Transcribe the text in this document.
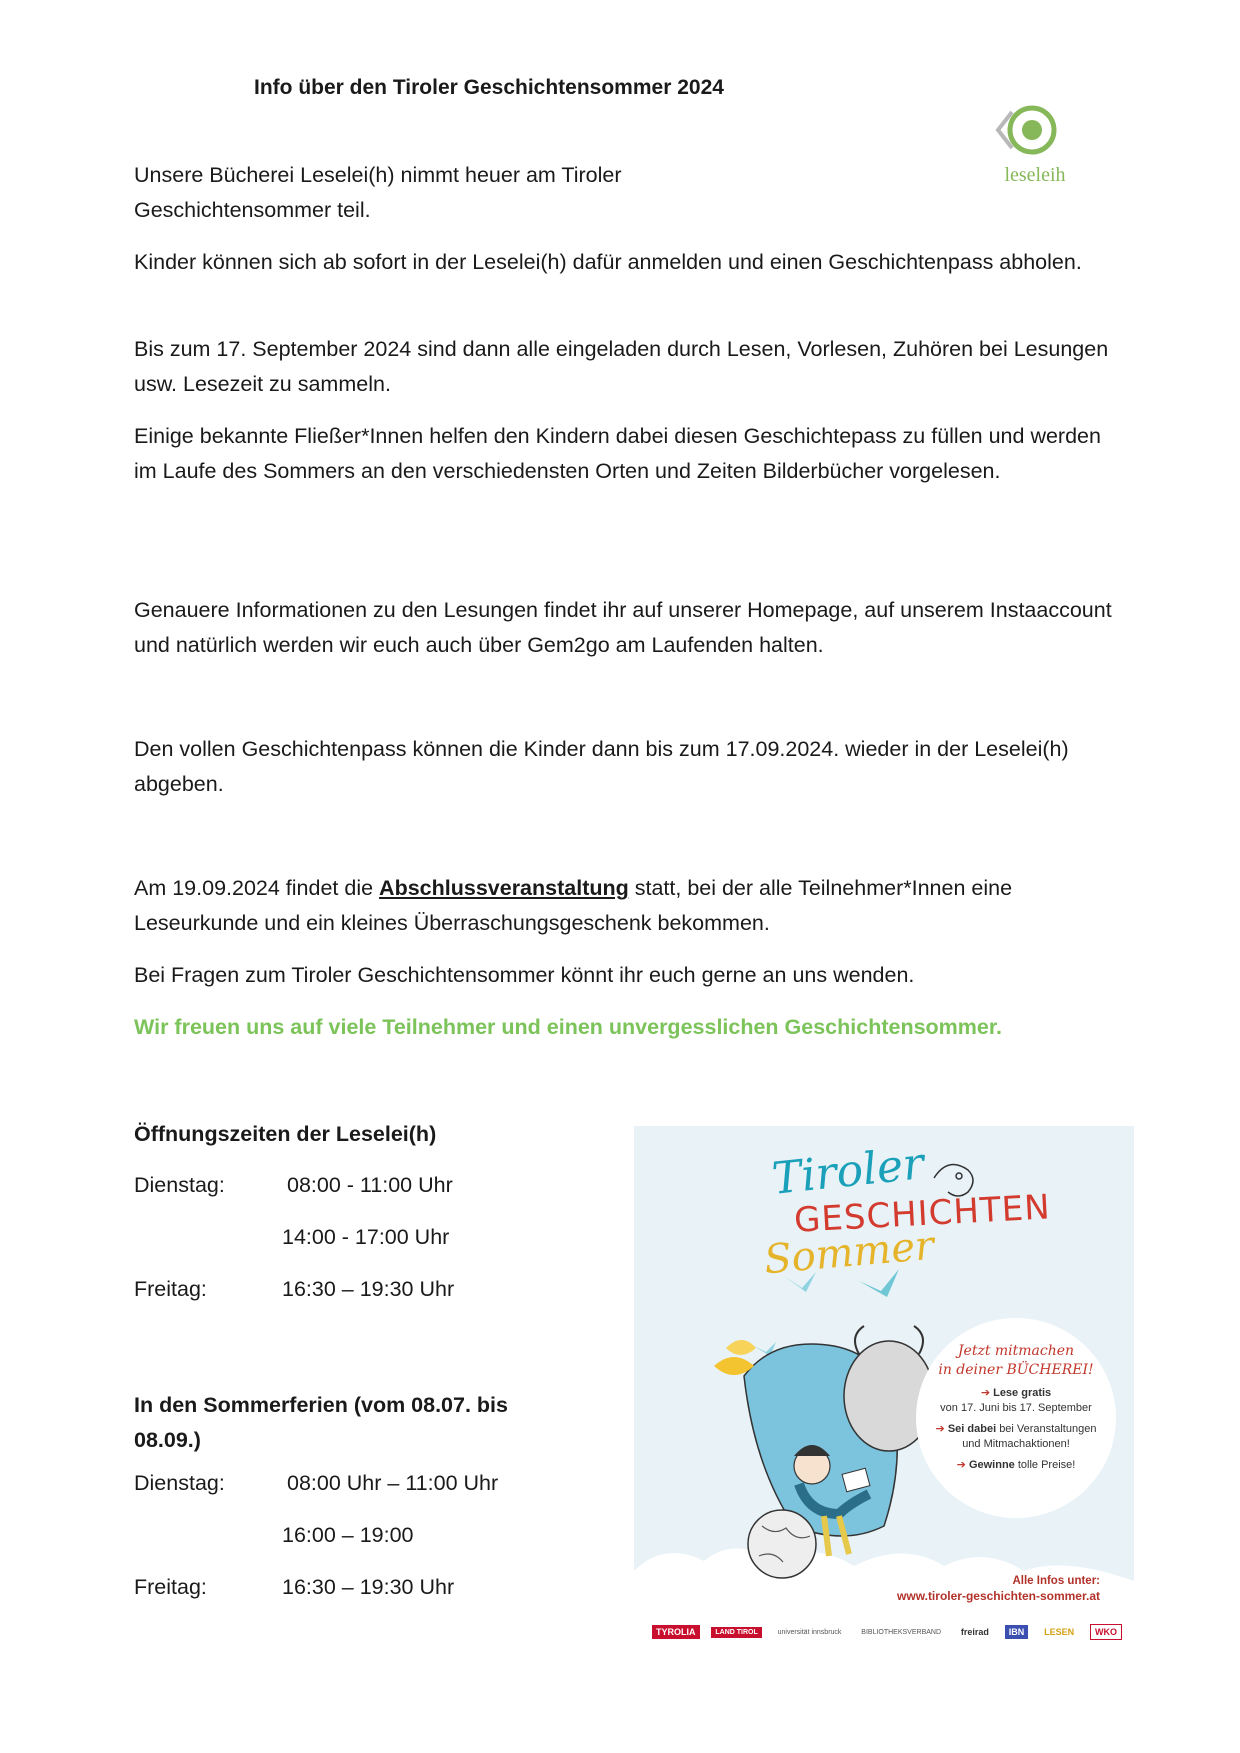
Info über den Tiroler Geschichtensommer 2024
leseleih

Unsere Bücherei Leselei(h) nimmt heuer am Tiroler Geschichtensommer teil.

Kinder können sich ab sofort in der Leselei(h) dafür anmelden und einen Geschichtenpass abholen.

Bis zum 17. September 2024 sind dann alle eingeladen durch Lesen, Vorlesen, Zuhören bei Lesungen usw. Lesezeit zu sammeln.

Einige bekannte Fließer*Innen helfen den Kindern dabei diesen Geschichtepass zu füllen und werden im Laufe des Sommers an den verschiedensten Orten und Zeiten Bilderbücher vorgelesen.

Genauere Informationen zu den Lesungen findet ihr auf unserer Homepage, auf unserem Instaaccount und natürlich werden wir euch auch über Gem2go am Laufenden halten.

Den vollen Geschichtenpass können die Kinder dann bis zum 17.09.2024. wieder in der Leselei(h) abgeben.

Am 19.09.2024 findet die Abschlussveranstaltung statt, bei der alle Teilnehmer*Innen eine Leseurkunde und ein kleines Überraschungsgeschenk bekommen.

Bei Fragen zum Tiroler Geschichtensommer könnt ihr euch gerne an uns wenden.

Wir freuen uns auf viele Teilnehmer und einen unvergesslichen Geschichtensommer.

Öffnungszeiten der Leselei(h)
Dienstag:	08:00 - 11:00 Uhr
14:00 - 17:00 Uhr
Freitag:	16:30 – 19:30 Uhr
In den Sommerferien (vom 08.07. bis
08.09.)
Dienstag:	08:00 Uhr – 11:00 Uhr
16:00 – 19:00
Freitag:	16:30 – 19:30 Uhr
Tiroler
GESCHICHTEN
Sommer
Jetzt mitmachen
in deiner BÜCHEREI!
➔ Lese gratis
von 17. Juni bis 17. September
➔ Sei dabei bei Veranstaltungen und Mitmachaktionen!
➔ Gewinne tolle Preise!
Alle Infos unter:
www.tiroler-geschichten-sommer.at
TYROLIA	LAND TIROL	universität innsbruck	BIBLIOTHEKSVERBAND	freirad	IBN	LESEN	WKO
